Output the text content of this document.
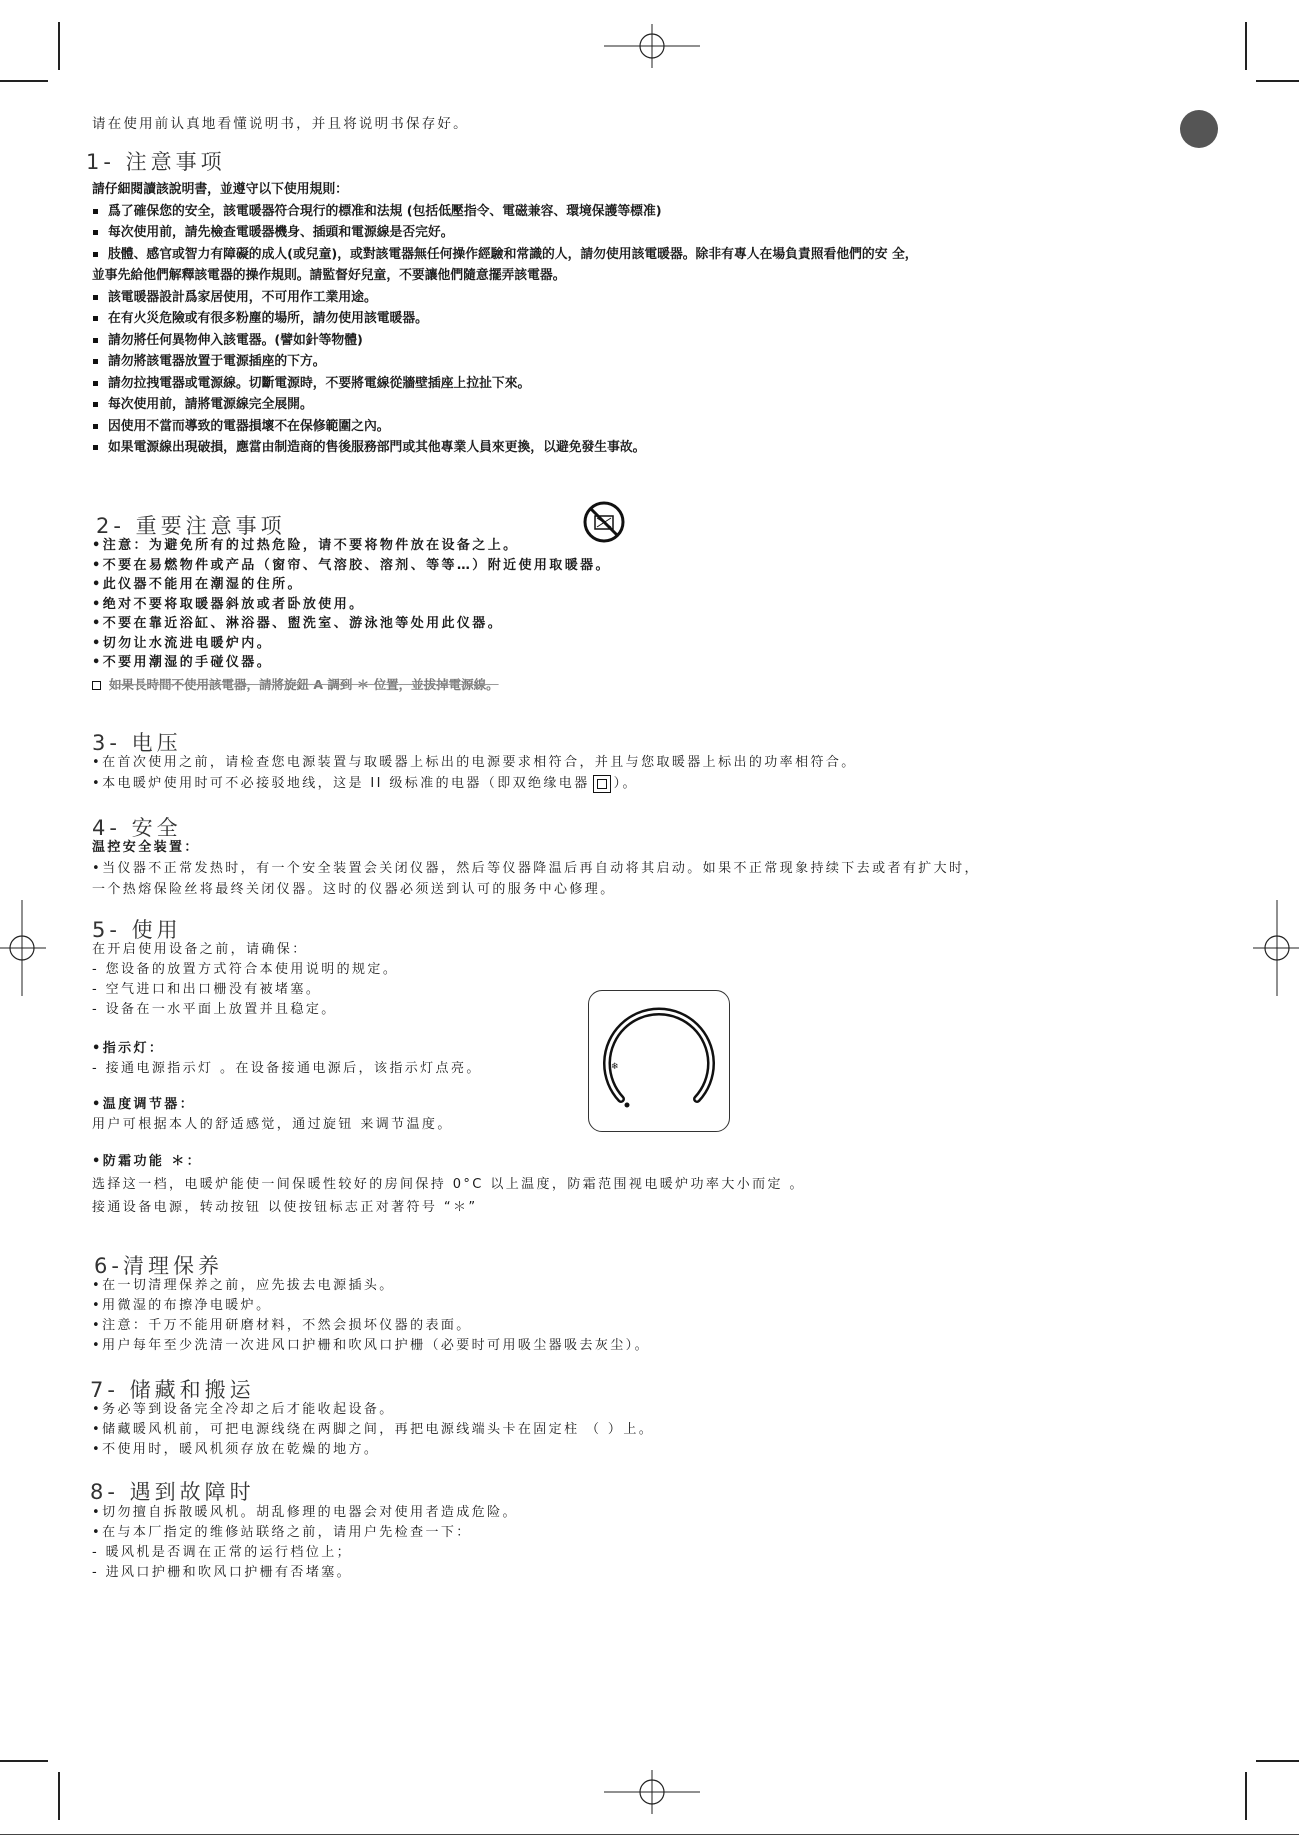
请在使用前认真地看懂说明书，并且将说明书保存好。
1- 注意事项
請仔細閱讀該說明書，並遵守以下使用規則：
爲了確保您的安全，該電暖器符合現行的標准和法規 (包括低壓指令、電磁兼容、環境保護等標准)
每次使用前，請先檢查電暖器機身、插頭和電源線是否完好。
肢體、感官或智力有障礙的成人(或兒童)，或對該電器無任何操作經驗和常識的人，請勿使用該電暖器。除非有專人在場負責照看他們的安 全，
並事先給他們解釋該電器的操作規則。請監督好兒童，不要讓他們隨意擺弄該電器。
該電暖器設計爲家居使用，不可用作工業用途。
在有火災危險或有很多粉塵的場所，請勿使用該電暖器。
請勿將任何異物伸入該電器。(譬如針等物體)
請勿將該電器放置于電源插座的下方。
請勿拉拽電器或電源線。切斷電源時，不要將電線從牆壁插座上拉扯下來。
每次使用前，請將電源線完全展開。
因使用不當而導致的電器損壞不在保修範圍之內。
如果電源線出現破損，應當由制造商的售後服務部門或其他專業人員來更換，以避免發生事故。
2- 重要注意事项
•注意：为避免所有的过热危险，请不要将物件放在设备之上。
•不要在易燃物件或产品（窗帘、气溶胶、溶剂、等等…）附近使用取暖器。
•此仪器不能用在潮湿的住所。
•绝对不要将取暖器斜放或者卧放使用。
•不要在靠近浴缸、淋浴器、盥洗室、游泳池等处用此仪器。
•切勿让水流进电暖炉内。
•不要用潮湿的手碰仪器。
如果長時間不使用該電器，請將旋鈕 A 調到 ＊ 位置，並拔掉電源線。
3- 电压
•在首次使用之前，请检查您电源装置与取暖器上标出的电源要求相符合，并且与您取暖器上标出的功率相符合。
•本电暖炉使用时可不必接驳地线，这是 II 级标准的电器（即双绝缘电器 ）。
4- 安全
温控安全装置：
•当仪器不正常发热时，有一个安全装置会关闭仪器，然后等仪器降温后再自动将其启动。如果不正常现象持续下去或者有扩大时，
一个热熔保险丝将最终关闭仪器。这时的仪器必须送到认可的服务中心修理。
5- 使用
在开启使用设备之前，请确保：
- 您设备的放置方式符合本使用说明的规定。
- 空气进口和出口栅没有被堵塞。
- 设备在一水平面上放置并且稳定。
•指示灯：
- 接通电源指示灯 。在设备接通电源后，该指示灯点亮。
•温度调节器：
用户可根据本人的舒适感觉，通过旋钮 来调节温度。
❄
•防霜功能 ＊：
选择这一档，电暖炉能使一间保暖性较好的房间保持 0°C 以上温度，防霜范围视电暖炉功率大小而定 。
接通设备电源，转动按钮 以使按钮标志正对著符号 “＊”
6-清理保养
•在一切清理保养之前，应先拔去电源插头。
•用微湿的布擦净电暖炉。
•注意：千万不能用研磨材料，不然会损坏仪器的表面。
•用户每年至少洗清一次进风口护栅和吹风口护栅（必要时可用吸尘器吸去灰尘）。
7- 储藏和搬运
•务必等到设备完全冷却之后才能收起设备。
•储藏暖风机前，可把电源线绕在两脚之间，再把电源线端头卡在固定柱 （ ）上。
•不使用时，暖风机须存放在乾燥的地方。
8- 遇到故障时
•切勿擅自拆散暖风机。胡乱修理的电器会对使用者造成危险。
•在与本厂指定的维修站联络之前，请用户先检查一下：
- 暖风机是否调在正常的运行档位上；
- 进风口护栅和吹风口护栅有否堵塞。
